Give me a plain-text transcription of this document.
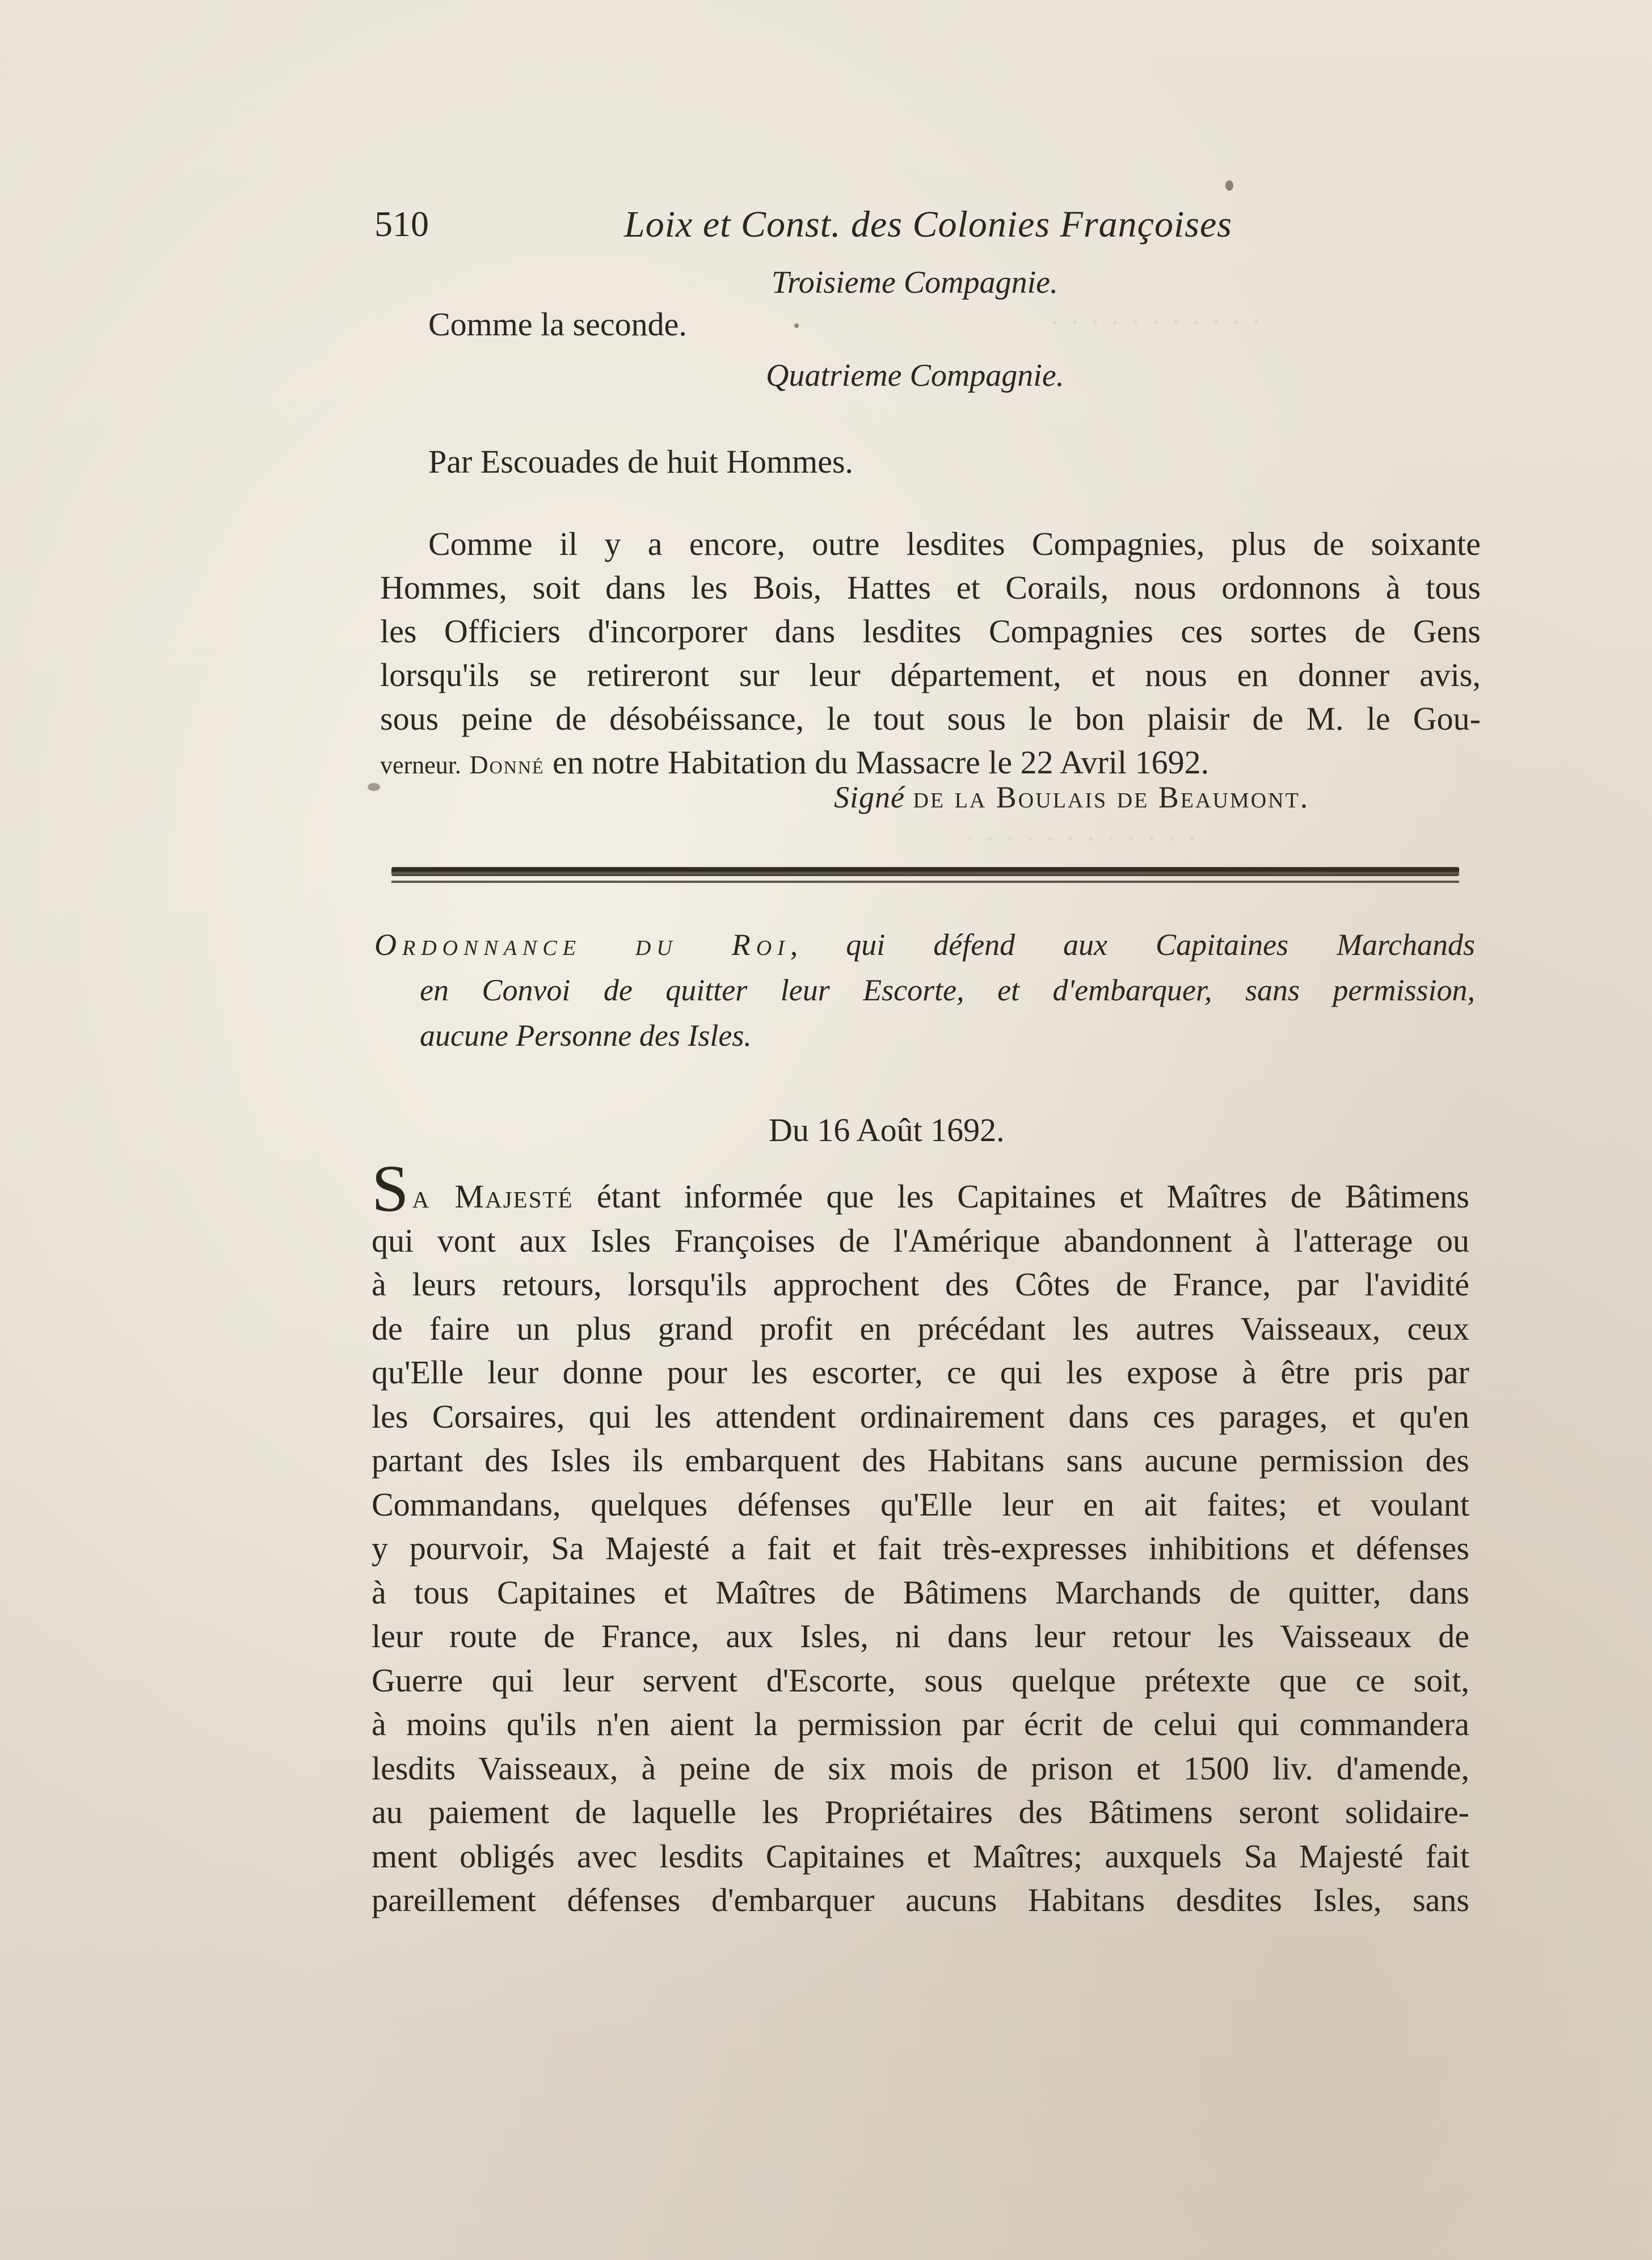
. . . . . . . . . . .
. . . . . . . . . . . .
510	Loix et Const. des Colonies Françoises
Troisieme Compagnie.
Comme la seconde.
Quatrieme Compagnie.
Par Escouades de huit Hommes.
Comme il y a encore, outre lesdites Compagnies, plus de soixante
Hommes, soit dans les Bois, Hattes et Corails, nous ordonnons à tous
les Officiers d'incorporer dans lesdites Compagnies ces sortes de Gens
lorsqu'ils se retireront sur leur département, et nous en donner avis,
sous peine de désobéissance, le tout sous le bon plaisir de M. le Gou-
verneur. Donné en notre Habitation du Massacre le 22 Avril 1692.
Signé de la Boulais de Beaumont.
Ordonnance du Roi, qui défend aux Capitaines Marchands
en Convoi de quitter leur Escorte, et d'embarquer, sans permission,
aucune Personne des Isles.
Du 16 Août 1692.
Sa Majesté étant informée que les Capitaines et Maîtres de Bâtimens
qui vont aux Isles Françoises de l'Amérique abandonnent à l'atterage ou
à leurs retours, lorsqu'ils approchent des Côtes de France, par l'avidité
de faire un plus grand profit en précédant les autres Vaisseaux, ceux
qu'Elle leur donne pour les escorter, ce qui les expose à être pris par
les Corsaires, qui les attendent ordinairement dans ces parages, et qu'en
partant des Isles ils embarquent des Habitans sans aucune permission des
Commandans, quelques défenses qu'Elle leur en ait faites; et voulant
y pourvoir, Sa Majesté a fait et fait très-expresses inhibitions et défenses
à tous Capitaines et Maîtres de Bâtimens Marchands de quitter, dans
leur route de France, aux Isles, ni dans leur retour les Vaisseaux de
Guerre qui leur servent d'Escorte, sous quelque prétexte que ce soit,
à moins qu'ils n'en aient la permission par écrit de celui qui commandera
lesdits Vaisseaux, à peine de six mois de prison et 1500 liv. d'amende,
au paiement de laquelle les Propriétaires des Bâtimens seront solidaire-
ment obligés avec lesdits Capitaines et Maîtres; auxquels Sa Majesté fait
pareillement défenses d'embarquer aucuns Habitans desdites Isles, sans
